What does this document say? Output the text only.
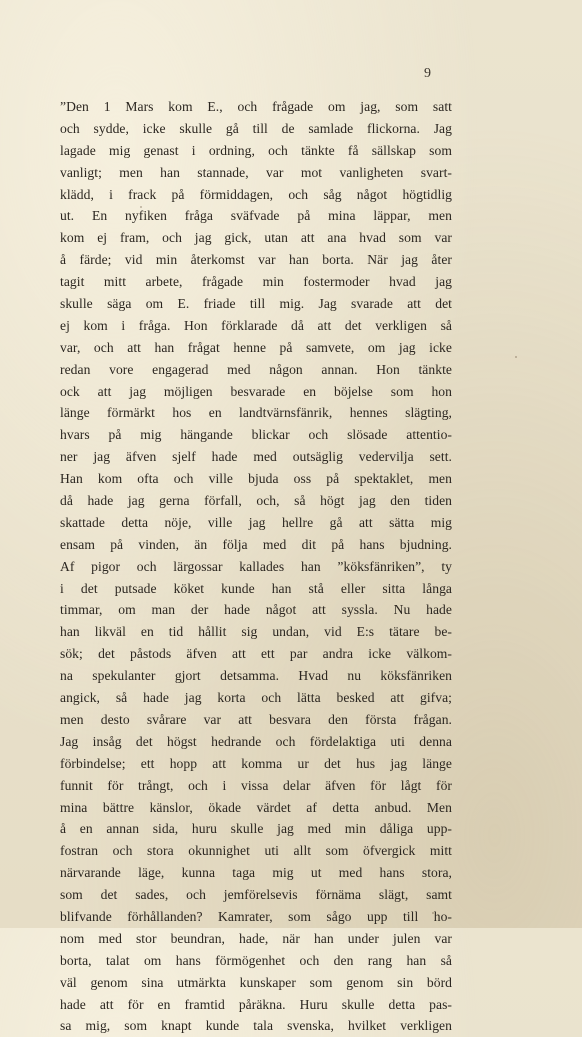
9
”Den 1 Mars kom E., och frågade om jag, som satt
och sydde, icke skulle gå till de samlade flickorna. Jag
lagade mig genast i ordning, och tänkte få sällskap som
vanligt; men han stannade, var mot vanligheten svart-
klädd, i frack på förmiddagen, och såg något högtidlig
ut. En nyfiken fråga sväfvade på mina läppar, men
kom ej fram, och jag gick, utan att ana hvad som var
å färde; vid min återkomst var han borta. När jag åter
tagit mitt arbete, frågade min fostermoder hvad jag
skulle säga om E. friade till mig. Jag svarade att det
ej kom i fråga. Hon förklarade då att det verkligen så
var, och att han frågat henne på samvete, om jag icke
redan vore engagerad med någon annan. Hon tänkte
ock att jag möjligen besvarade en böjelse som hon
länge förmärkt hos en landtvärnsfänrik, hennes slägting,
hvars på mig hängande blickar och slösade attentio-
ner jag äfven sjelf hade med outsäglig vedervilja sett.
Han kom ofta och ville bjuda oss på spektaklet, men
då hade jag gerna förfall, och, så högt jag den tiden
skattade detta nöje, ville jag hellre gå att sätta mig
ensam på vinden, än följa med dit på hans bjudning.
Af pigor och lärgossar kallades han ”köksfänriken”, ty
i det putsade köket kunde han stå eller sitta långa
timmar, om man der hade något att syssla. Nu hade
han likväl en tid hållit sig undan, vid E:s tätare be-
sök; det påstods äfven att ett par andra icke välkom-
na spekulanter gjort detsamma. Hvad nu köksfänriken
angick, så hade jag korta och lätta besked att gifva;
men desto svårare var att besvara den första frågan.
Jag insåg det högst hedrande och fördelaktiga uti denna
förbindelse; ett hopp att komma ur det hus jag länge
funnit för trångt, och i vissa delar äfven för lågt för
mina bättre känslor, ökade värdet af detta anbud. Men
å en annan sida, huru skulle jag med min dåliga upp-
fostran och stora okunnighet uti allt som öfvergick mitt
närvarande läge, kunna taga mig ut med hans stora,
som det sades, och jemförelsevis förnäma slägt, samt
blifvande förhållanden? Kamrater, som sågo upp till ho-
nom med stor beundran, hade, när han under julen var
borta, talat om hans förmögenhet och den rang han så
väl genom sina utmärkta kunskaper som genom sin börd
hade att för en framtid påräkna. Huru skulle detta pas-
sa mig, som knapt kunde tala svenska, hvilket verkligen
